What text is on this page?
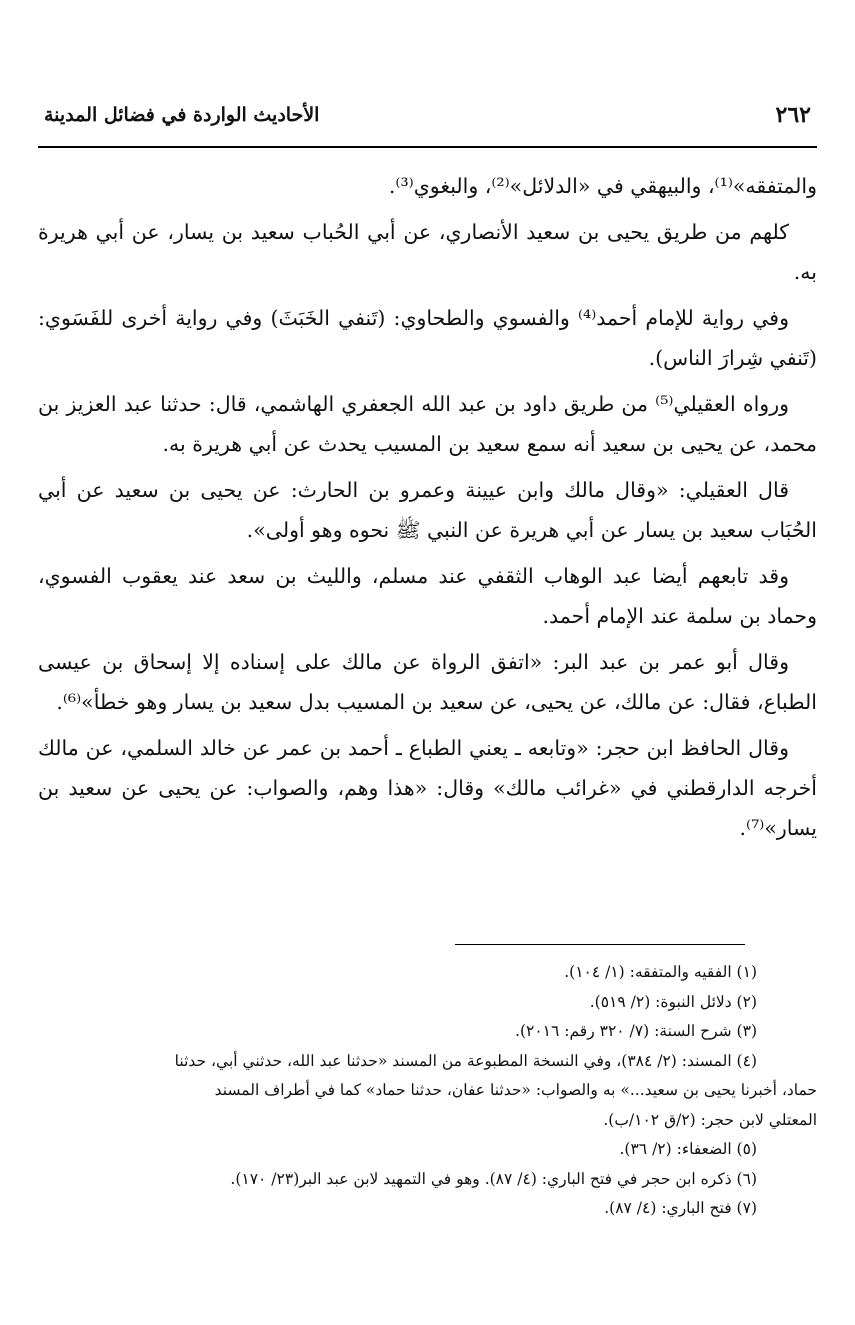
٢٦٢
الأحاديث الواردة في فضائل المدينة

والمتفقه»⁽¹⁾، والبيهقي في «الدلائل»⁽²⁾، والبغوي⁽³⁾.

كلهم من طريق يحيى بن سعيد الأنصاري، عن أبي الحُباب سعيد بن يسار، عن أبي هريرة به.

وفي رواية للإمام أحمد⁽⁴⁾ والفسوي والطحاوي: (تَنفي الخَبَثَ) وفي رواية أخرى للفَسَوي: (تَنفي شِرارَ الناس).

ورواه العقيلي⁽⁵⁾ من طريق داود بن عبد الله الجعفري الهاشمي، قال: حدثنا عبد العزيز بن محمد، عن يحيى بن سعيد أنه سمع سعيد بن المسيب يحدث عن أبي هريرة به.

قال العقيلي: «وقال مالك وابن عيينة وعمرو بن الحارث: عن يحيى بن سعيد عن أبي الحُبَاب سعيد بن يسار عن أبي هريرة عن النبي ﷺ نحوه وهو أولى».

وقد تابعهم أيضا عبد الوهاب الثقفي عند مسلم، والليث بن سعد عند يعقوب الفسوي، وحماد بن سلمة عند الإمام أحمد.

وقال أبو عمر بن عبد البر: «اتفق الرواة عن مالك على إسناده إلا إسحاق بن عيسى الطباع، فقال: عن مالك، عن يحيى، عن سعيد بن المسيب بدل سعيد بن يسار وهو خطأ»⁽⁶⁾.

وقال الحافظ ابن حجر: «وتابعه ـ يعني الطباع ـ أحمد بن عمر عن خالد السلمي، عن مالك أخرجه الدارقطني في «غرائب مالك» وقال: «هذا وهم، والصواب: عن يحيى عن سعيد بن يسار»⁽⁷⁾.

(١) الفقيه والمتفقه: (١/ ١٠٤).

(٢) دلائل النبوة: (٢/ ٥١٩).

(٣) شرح السنة: (٧/ ٣٢٠ رقم: ٢٠١٦).

(٤) المسند: (٢/ ٣٨٤)، وفي النسخة المطبوعة من المسند «حدثنا عبد الله، حدثني أبي، حدثنا

حماد، أخبرنا يحيى بن سعيد...» به والصواب: «حدثنا عفان، حدثنا حماد» كما في أطراف المسند

المعتلي لابن حجر: (٢/ق ١٠٢/ب).

(٥) الضعفاء: (٢/ ٣٦).

(٦) ذكره ابن حجر في فتح الباري: (٤/ ٨٧). وهو في التمهيد لابن عبد البر(٢٣/ ١٧٠).

(٧) فتح الباري: (٤/ ٨٧).
